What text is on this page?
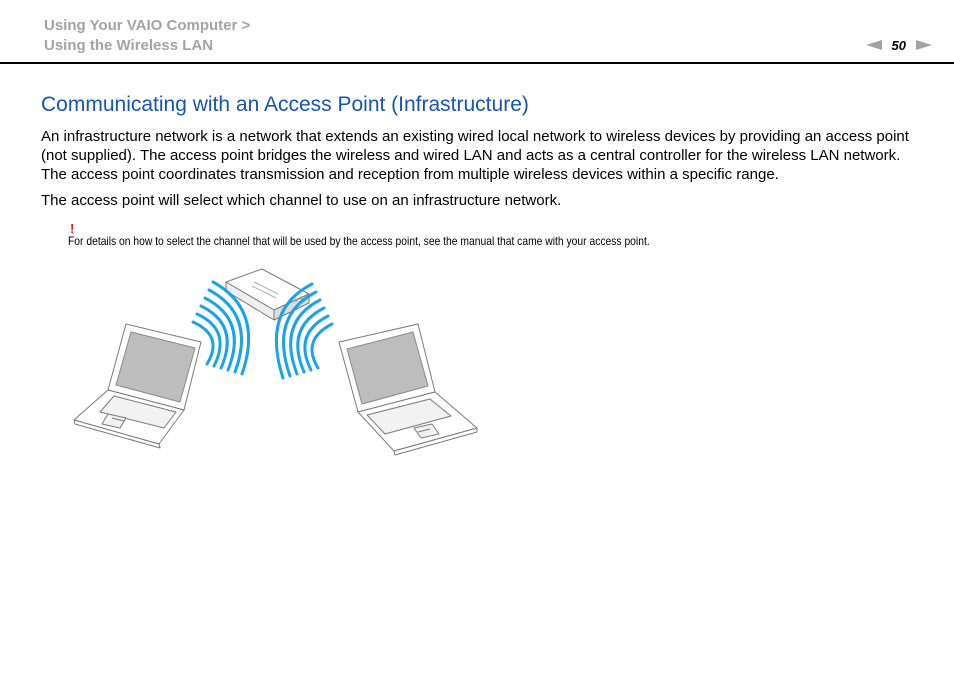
Using Your VAIO Computer >
Using the Wireless LAN	50
Communicating with an Access Point (Infrastructure)

An infrastructure network is a network that extends an existing wired local network to wireless devices by providing an access point (not supplied). The access point bridges the wireless and wired LAN and acts as a central controller for the wireless LAN network. The access point coordinates transmission and reception from multiple wireless devices within a specific range.

The access point will select which channel to use on an infrastructure network.

!
For details on how to select the channel that will be used by the access point, see the manual that came with your access point.
